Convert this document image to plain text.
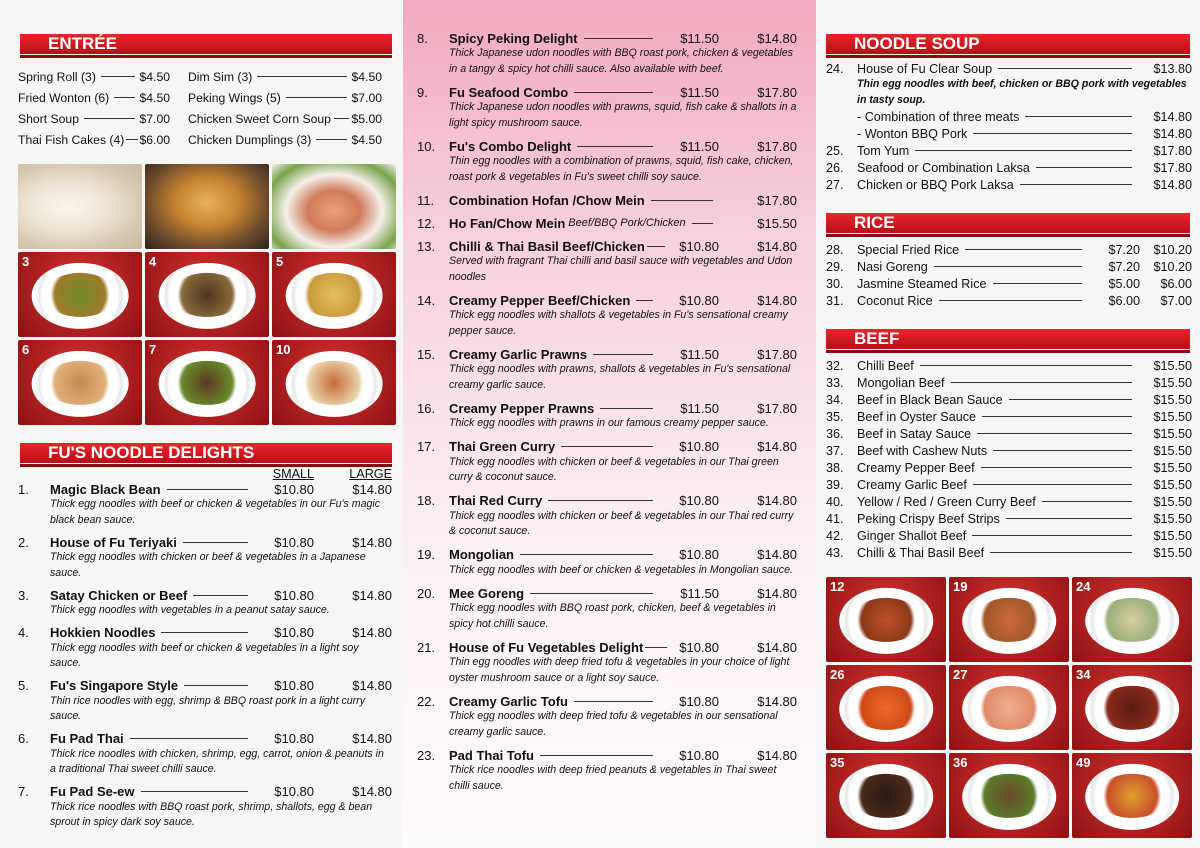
ENTRÉE
Spring Roll (3)	$4.50 Dim Sim (3)	$4.50
Fried Wonton (6) $4.50 Peking Wings (5)	$7.00
Short Soup	$7.00 Chicken Sweet Corn Soup $5.00
Thai Fish Cakes (4) $6.00 Chicken Dumplings (3)	$4.50
3	4	5
6	7	10
FU'S NOODLE DELIGHTS
SMALL	LARGE
1.	Magic Black Bean	$10.80	$14.80
Thick egg noodles with beef or chicken & vegetables in our Fu's magic black bean sauce.
2.	House of Fu Teriyaki	$10.80	$14.80
Thick egg noodles with chicken or beef & vegetables in a Japanese sauce.
3.	Satay Chicken or Beef	$10.80	$14.80
Thick egg noodles with vegetables in a peanut satay sauce.
4.	Hokkien Noodles	$10.80	$14.80
Thick egg noodles with beef or chicken & vegetables in a light soy sauce.
5.	Fu's Singapore Style	$10.80	$14.80
Thin rice noodles with egg, shrimp & BBQ roast pork in a light curry sauce.
6.	Fu Pad Thai	$10.80	$14.80
Thick rice noodles with chicken, shrimp, egg, carrot, onion & peanuts in a traditional Thai sweet chilli sauce.
7.	Fu Pad Se-ew	$10.80	$14.80
Thick rice noodles with BBQ roast pork, shrimp, shallots, egg & bean sprout in spicy dark soy sauce.
8.	Spicy Peking Delight	$11.50	$14.80
Thick Japanese udon noodles with BBQ roast pork, chicken & vegetables in a tangy & spicy hot chilli sauce. Also available with beef.
9.	Fu Seafood Combo	$11.50	$17.80
Thick Japanese udon noodles with prawns, squid, fish cake & shallots in a light spicy mushroom sauce.
10.	Fu's Combo Delight	$11.50	$17.80
Thin egg noodles with a combination of prawns, squid, fish cake, chicken, roast pork & vegetables in Fu's sweet chilli soy sauce.
11.	Combination Hofan /Chow Mein	$17.80
12.	Ho Fan/Chow Mein Beef/BBQ Pork/Chicken	$15.50
13.	Chilli & Thai Basil Beef/Chicken	$10.80	$14.80
Served with fragrant Thai chilli and basil sauce with vegetables and Udon noodles
14.	Creamy Pepper Beef/Chicken	$10.80	$14.80
Thick egg noodles with shallots & vegetables in Fu's sensational creamy pepper sauce.
15.	Creamy Garlic Prawns	$11.50	$17.80
Thick egg noodles with prawns, shallots & vegetables in Fu's sensational creamy garlic sauce.
16.	Creamy Pepper Prawns	$11.50	$17.80
Thick egg noodles with prawns in our famous creamy pepper sauce.
17.	Thai Green Curry	$10.80	$14.80
Thick egg noodles with chicken or beef & vegetables in our Thai green curry & coconut sauce.
18.	Thai Red Curry	$10.80	$14.80
Thick egg noodles with chicken or beef & vegetables in our Thai red curry & coconut sauce.
19.	Mongolian	$10.80	$14.80
Thick egg noodles with beef or chicken & vegetables in Mongolian sauce.
20.	Mee Goreng	$11.50	$14.80
Thick egg noodles with BBQ roast pork, chicken, beef & vegetables in spicy hot chilli sauce.
21.	House of Fu Vegetables Delight	$10.80	$14.80
Thin egg noodles with deep fried tofu & vegetables in your choice of light oyster mushroom sauce or a light soy sauce.
22.	Creamy Garlic Tofu	$10.80	$14.80
Thick egg noodles with deep fried tofu & vegetables in our sensational creamy garlic sauce.
23.	Pad Thai Tofu	$10.80	$14.80
Thick rice noodles with deep fried peanuts & vegetables in Thai sweet chilli sauce.
NOODLE SOUP
24.	House of Fu Clear Soup	$13.80
Thin egg noodles with beef, chicken or BBQ pork with vegetables in tasty soup.
- Combination of three meats	$14.80
- Wonton BBQ Pork	$14.80
25.	Tom Yum	$17.80
26.	Seafood or Combination Laksa	$17.80
27.	Chicken or BBQ Pork Laksa	$14.80
RICE
28.	Special Fried Rice	$7.20	$10.20
29.	Nasi Goreng	$7.20	$10.20
30.	Jasmine Steamed Rice	$5.00	$6.00
31.	Coconut Rice	$6.00	$7.00
BEEF
32.	Chilli Beef	$15.50
33.	Mongolian Beef	$15.50
34.	Beef in Black Bean Sauce	$15.50
35.	Beef in Oyster Sauce	$15.50
36.	Beef in Satay Sauce	$15.50
37.	Beef with Cashew Nuts	$15.50
38.	Creamy Pepper Beef	$15.50
39.	Creamy Garlic Beef	$15.50
40.	Yellow / Red / Green Curry Beef	$15.50
41.	Peking Crispy Beef Strips	$15.50
42.	Ginger Shallot Beef	$15.50
43.	Chilli & Thai Basil Beef	$15.50
12	19	24
26	27	34
35	36	49
